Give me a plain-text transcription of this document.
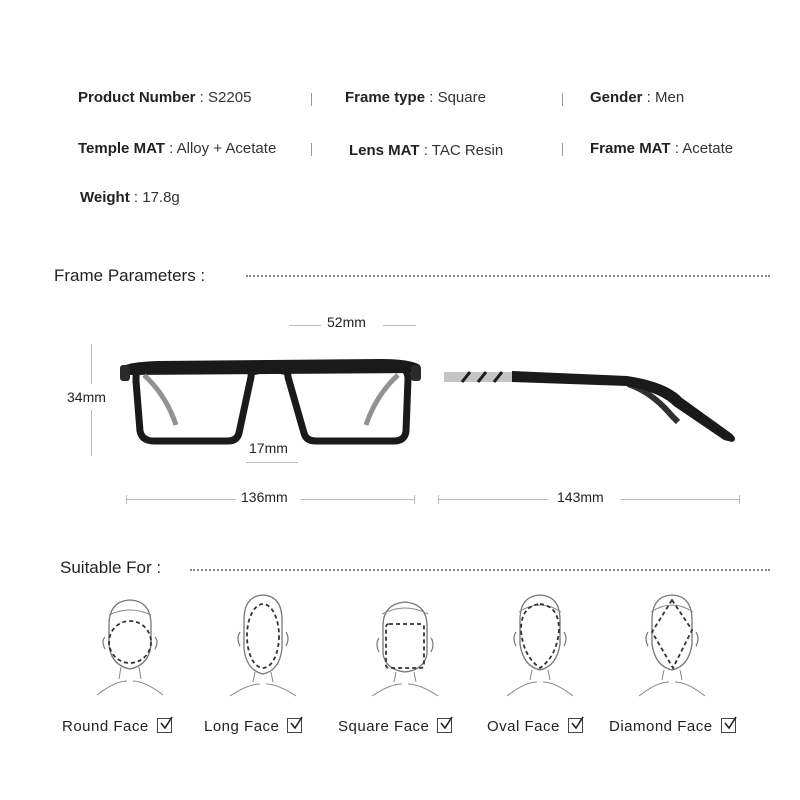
Product Number : S2205	Frame type : Square	Gender : Men
Temple MAT : Alloy + Acetate	Lens MAT : TAC Resin	Frame MAT : Acetate
Weight : 17.8g
Frame Parameters :
52mm
34mm
17mm
136mm	143mm
Suitable For :
Round Face	Long Face	Square Face	Oval Face	Diamond Face
